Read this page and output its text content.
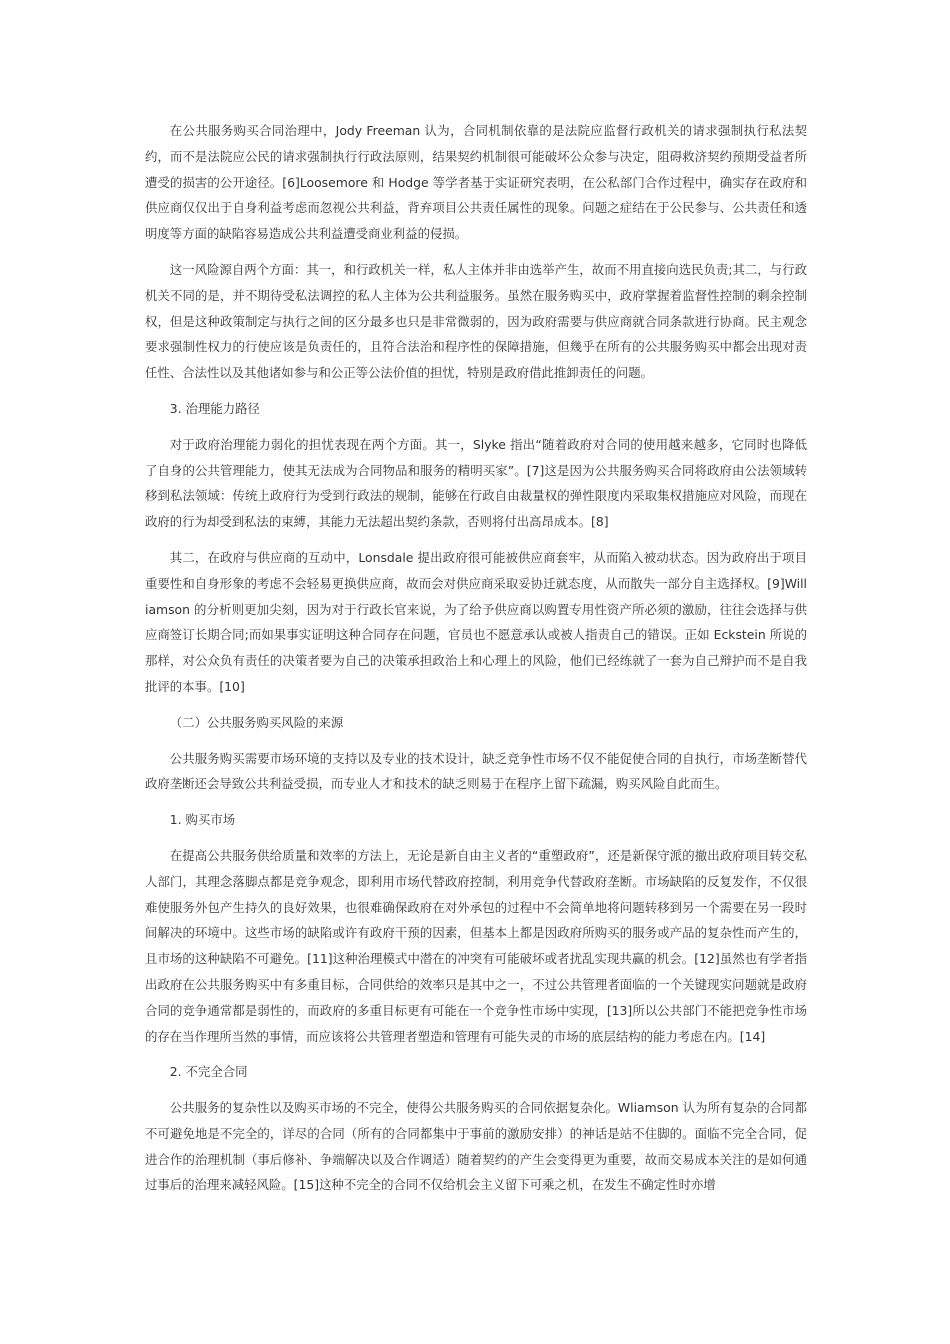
在公共服务购买合同治理中，Jody Freeman 认为，合同机制依靠的是法院应监督行政机关的请求强制执行私法契约，而不是法院应公民的请求强制执行行政法原则，结果契约机制很可能破坏公众参与决定，阻碍救济契约预期受益者所遭受的损害的公开途径。[6]Loosemore 和 Hodge 等学者基于实证研究表明，在公私部门合作过程中，确实存在政府和供应商仅仅出于自身利益考虑而忽视公共利益，背弃项目公共责任属性的现象。问题之症结在于公民参与、公共责任和透明度等方面的缺陷容易造成公共利益遭受商业利益的侵损。

这一风险源自两个方面：其一，和行政机关一样，私人主体并非由选举产生，故而不用直接向选民负责;其二，与行政机关不同的是，并不期待受私法调控的私人主体为公共利益服务。虽然在服务购买中，政府掌握着监督性控制的剩余控制权，但是这种政策制定与执行之间的区分最多也只是非常微弱的，因为政府需要与供应商就合同条款进行协商。民主观念要求强制性权力的行使应该是负责任的，且符合法治和程序性的保障措施，但幾乎在所有的公共服务购买中都会出现对责任性、合法性以及其他诸如参与和公正等公法价值的担忧，特别是政府借此推卸责任的问题。

3. 治理能力路径

对于政府治理能力弱化的担忧表现在两个方面。其一，Slyke 指出“随着政府对合同的使用越来越多，它同时也降低了自身的公共管理能力，使其无法成为合同物品和服务的精明买家”。[7]这是因为公共服务购买合同将政府由公法领域转移到私法领域：传统上政府行为受到行政法的规制，能够在行政自由裁量权的弹性限度内采取集权措施应对风险，而现在政府的行为却受到私法的束縛，其能力无法超出契约条款，否则将付出高昂成本。[8]

其二，在政府与供应商的互动中，Lonsdale 提出政府很可能被供应商套牢，从而陷入被动状态。因为政府出于项目重要性和自身形象的考虑不会轻易更换供应商，故而会对供应商采取妥协迁就态度，从而散失一部分自主选择权。[9]Williamson 的分析则更加尖刻，因为对于行政长官来说，为了给予供应商以购置专用性资产所必须的激励，往往会选择与供应商签订长期合同;而如果事实证明这种合同存在问题，官员也不愿意承认或被人指责自己的错误。正如 Eckstein 所说的那样，对公众负有责任的决策者要为自己的决策承担政治上和心理上的风险，他们已经练就了一套为自己辩护而不是自我批评的本事。[10]

（二）公共服务购买风险的来源

公共服务购买需要市场环境的支持以及专业的技术设计，缺乏竞争性市场不仅不能促使合同的自执行，市场垄断替代政府垄断还会导致公共利益受损，而专业人才和技术的缺乏则易于在程序上留下疏漏，购买风险自此而生。

1. 购买市场

在提高公共服务供给质量和效率的方法上，无论是新自由主义者的“重塑政府”，还是新保守派的撤出政府项目转交私人部门，其理念落脚点都是竞争观念，即利用市场代替政府控制，利用竞争代替政府垄断。市场缺陷的反复发作，不仅很难使服务外包产生持久的良好效果，也很难确保政府在对外承包的过程中不会简单地将问题转移到另一个需要在另一段时间解决的环境中。这些市场的缺陷或许有政府干预的因素，但基本上都是因政府所购买的服务或产品的复杂性而产生的，且市场的这种缺陷不可避免。[11]这种治理模式中潜在的冲突有可能破坏或者扰乱实现共赢的机会。[12]虽然也有学者指出政府在公共服务购买中有多重目标，合同供给的效率只是其中之一，不过公共管理者面临的一个关键现实问题就是政府合同的竞争通常都是弱性的，而政府的多重目标更有可能在一个竞争性市场中实现，[13]所以公共部门不能把竞争性市场的存在当作理所当然的事情，而应该将公共管理者塑造和管理有可能失灵的市场的底层结构的能力考虑在内。[14]

2. 不完全合同

公共服务的复杂性以及购买市场的不完全，使得公共服务购买的合同依据复杂化。Wliamson 认为所有复杂的合同都不可避免地是不完全的，详尽的合同（所有的合同都集中于事前的激励安排）的神话是站不住脚的。面临不完全合同，促进合作的治理机制（事后修补、争端解决以及合作调适）随着契约的产生会变得更为重要，故而交易成本关注的是如何通过事后的治理来减轻风险。[15]这种不完全的合同不仅给机会主义留下可乘之机，在发生不确定性时亦增
